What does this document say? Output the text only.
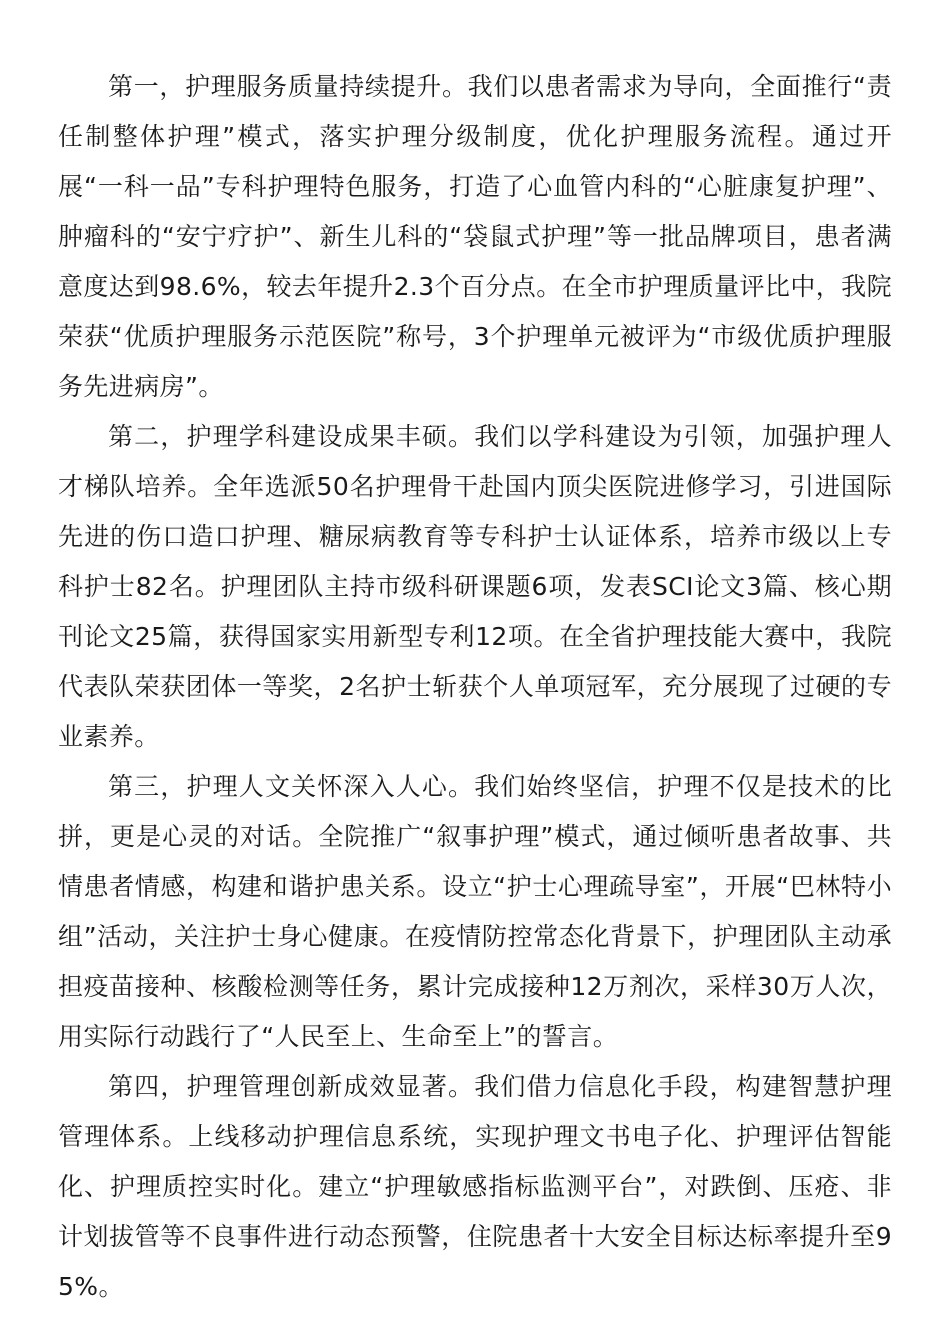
第一，护理服务质量持续提升。我们以患者需求为导向，全面推行“责任制整体护理”模式，落实护理分级制度，优化护理服务流程。通过开展“一科一品”专科护理特色服务，打造了心血管内科的“心脏康复护理”、肿瘤科的“安宁疗护”、新生儿科的“袋鼠式护理”等一批品牌项目，患者满意度达到98.6%，较去年提升2.3个百分点。在全市护理质量评比中，我院荣获“优质护理服务示范医院”称号，3个护理单元被评为“市级优质护理服务先进病房”。

第二，护理学科建设成果丰硕。我们以学科建设为引领，加强护理人才梯队培养。全年选派50名护理骨干赴国内顶尖医院进修学习，引进国际先进的伤口造口护理、糖尿病教育等专科护士认证体系，培养市级以上专科护士82名。护理团队主持市级科研课题6项，发表SCI论文3篇、核心期刊论文25篇，获得国家实用新型专利12项。在全省护理技能大赛中，我院代表队荣获团体一等奖，2名护士斩获个人单项冠军，充分展现了过硬的专业素养。

第三，护理人文关怀深入人心。我们始终坚信，护理不仅是技术的比拼，更是心灵的对话。全院推广“叙事护理”模式，通过倾听患者故事、共情患者情感，构建和谐护患关系。设立“护士心理疏导室”，开展“巴林特小组”活动，关注护士身心健康。在疫情防控常态化背景下，护理团队主动承担疫苗接种、核酸检测等任务，累计完成接种12万剂次，采样30万人次，用实际行动践行了“人民至上、生命至上”的誓言。

第四，护理管理创新成效显著。我们借力信息化手段，构建智慧护理管理体系。上线移动护理信息系统，实现护理文书电子化、护理评估智能化、护理质控实时化。建立“护理敏感指标监测平台”，对跌倒、压疮、非计划拔管等不良事件进行动态预警，住院患者十大安全目标达标率提升至95%。
